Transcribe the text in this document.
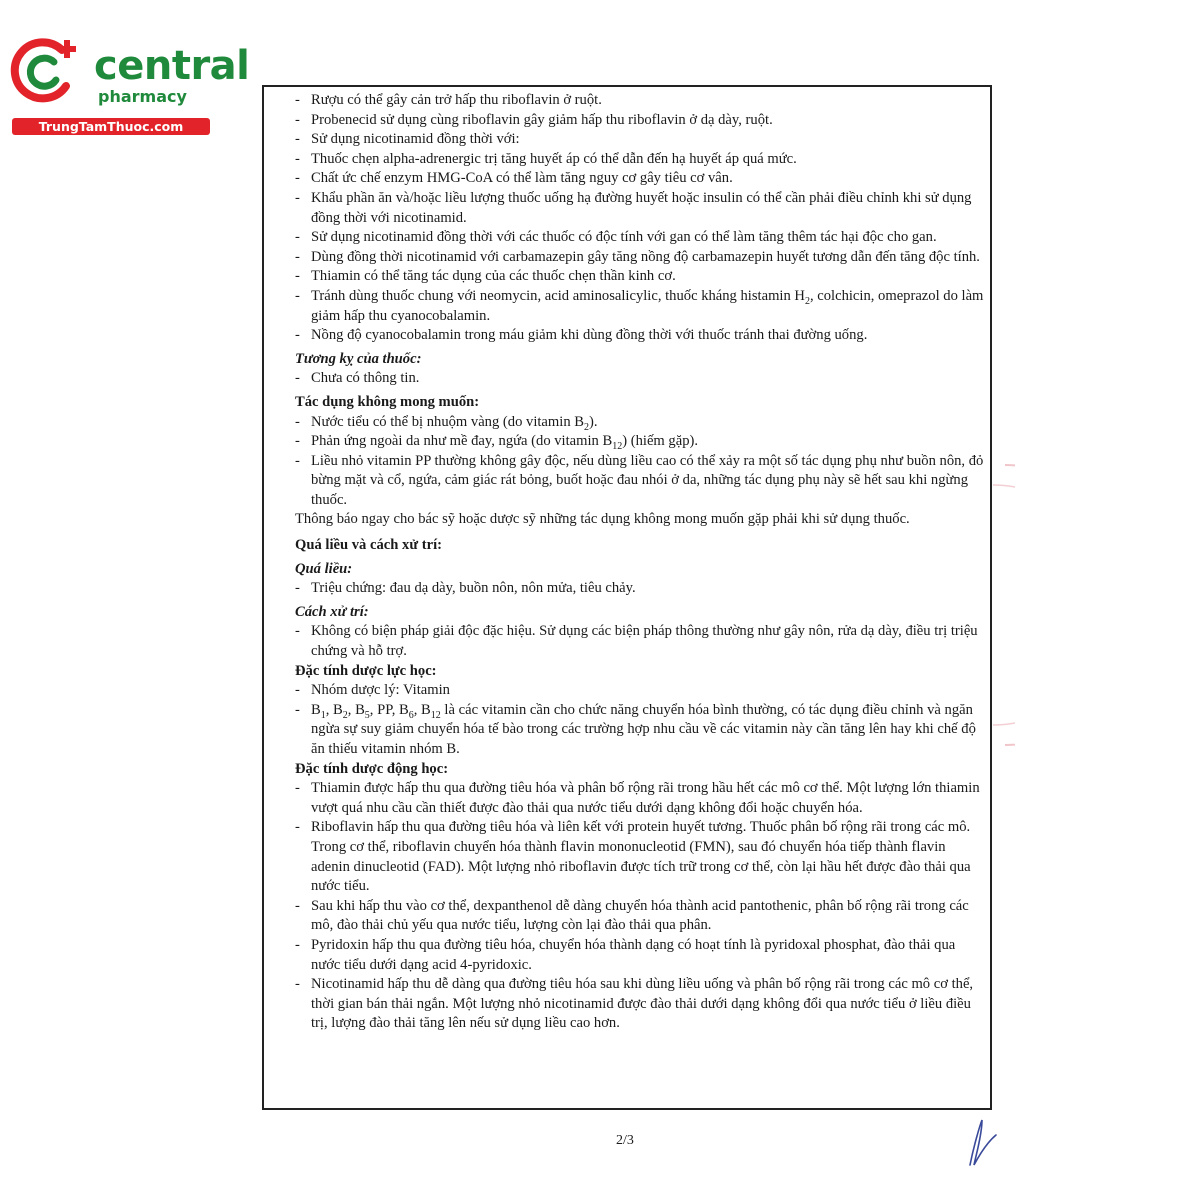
central
pharmacy
TrungTamThuoc.com
- Rượu có thể gây cản trở hấp thu riboflavin ở ruột.
- Probenecid sử dụng cùng riboflavin gây giảm hấp thu riboflavin ở dạ dày, ruột.
- Sử dụng nicotinamid đồng thời với:
- Thuốc chẹn alpha-adrenergic trị tăng huyết áp có thể dẫn đến hạ huyết áp quá mức.
- Chất ức chế enzym HMG-CoA có thể làm tăng nguy cơ gây tiêu cơ vân.
- Khẩu phần ăn và/hoặc liều lượng thuốc uống hạ đường huyết hoặc insulin có thể cần phải điều chỉnh khi sử dụng đồng thời với nicotinamid.
- Sử dụng nicotinamid đồng thời với các thuốc có độc tính với gan có thể làm tăng thêm tác hại độc cho gan.
- Dùng đồng thời nicotinamid với carbamazepin gây tăng nồng độ carbamazepin huyết tương dẫn đến tăng độc tính.
- Thiamin có thể tăng tác dụng của các thuốc chẹn thần kinh cơ.
- Tránh dùng thuốc chung với neomycin, acid aminosalicylic, thuốc kháng histamin $H_2$, colchicin, omeprazol do làm giảm hấp thu cyanocobalamin.
- Nồng độ cyanocobalamin trong máu giảm khi dùng đồng thời với thuốc tránh thai đường uống.
Tương kỵ của thuốc:
- Chưa có thông tin.
Tác dụng không mong muốn:
- Nước tiểu có thể bị nhuộm vàng (do vitamin $B_2$).
- Phản ứng ngoài da như mề đay, ngứa (do vitamin $B_{12}$) (hiếm gặp).
- Liều nhỏ vitamin PP thường không gây độc, nếu dùng liều cao có thể xảy ra một số tác dụng phụ như buồn nôn, đỏ bừng mặt và cổ, ngứa, cảm giác rát bỏng, buốt hoặc đau nhói ở da, những tác dụng phụ này sẽ hết sau khi ngừng thuốc.
Thông báo ngay cho bác sỹ hoặc dược sỹ những tác dụng không mong muốn gặp phải khi sử dụng thuốc.
Quá liều và cách xử trí:
Quá liều:
- Triệu chứng: đau dạ dày, buồn nôn, nôn mửa, tiêu chảy.
Cách xử trí:
- Không có biện pháp giải độc đặc hiệu. Sử dụng các biện pháp thông thường như gây nôn, rửa dạ dày, điều trị triệu chứng và hỗ trợ.
Đặc tính dược lực học:
- Nhóm dược lý: Vitamin
- $B_1$, $B_2$, $B_5$, PP, $B_6$, $B_{12}$ là các vitamin cần cho chức năng chuyển hóa bình thường, có tác dụng điều chỉnh và ngăn ngừa sự suy giảm chuyển hóa tế bào trong các trường hợp nhu cầu về các vitamin này cần tăng lên hay khi chế độ ăn thiếu vitamin nhóm B.
Đặc tính dược động học:
- Thiamin được hấp thu qua đường tiêu hóa và phân bố rộng rãi trong hầu hết các mô cơ thể. Một lượng lớn thiamin vượt quá nhu cầu cần thiết được đào thải qua nước tiểu dưới dạng không đổi hoặc chuyển hóa.
- Riboflavin hấp thu qua đường tiêu hóa và liên kết với protein huyết tương. Thuốc phân bố rộng rãi trong các mô. Trong cơ thể, riboflavin chuyển hóa thành flavin mononucleotid (FMN), sau đó chuyển hóa tiếp thành flavin adenin dinucleotid (FAD). Một lượng nhỏ riboflavin được tích trữ trong cơ thể, còn lại hầu hết được đào thải qua nước tiểu.
- Sau khi hấp thu vào cơ thể, dexpanthenol dễ dàng chuyển hóa thành acid pantothenic, phân bố rộng rãi trong các mô, đào thải chủ yếu qua nước tiểu, lượng còn lại đào thải qua phân.
- Pyridoxin hấp thu qua đường tiêu hóa, chuyển hóa thành dạng có hoạt tính là pyridoxal phosphat, đào thải qua nước tiểu dưới dạng acid 4-pyridoxic.
- Nicotinamid hấp thu dễ dàng qua đường tiêu hóa sau khi dùng liều uống và phân bố rộng rãi trong các mô cơ thể, thời gian bán thải ngắn. Một lượng nhỏ nicotinamid được đào thải dưới dạng không đổi qua nước tiểu ở liều điều trị, lượng đào thải tăng lên nếu sử dụng liều cao hơn.
2/3
